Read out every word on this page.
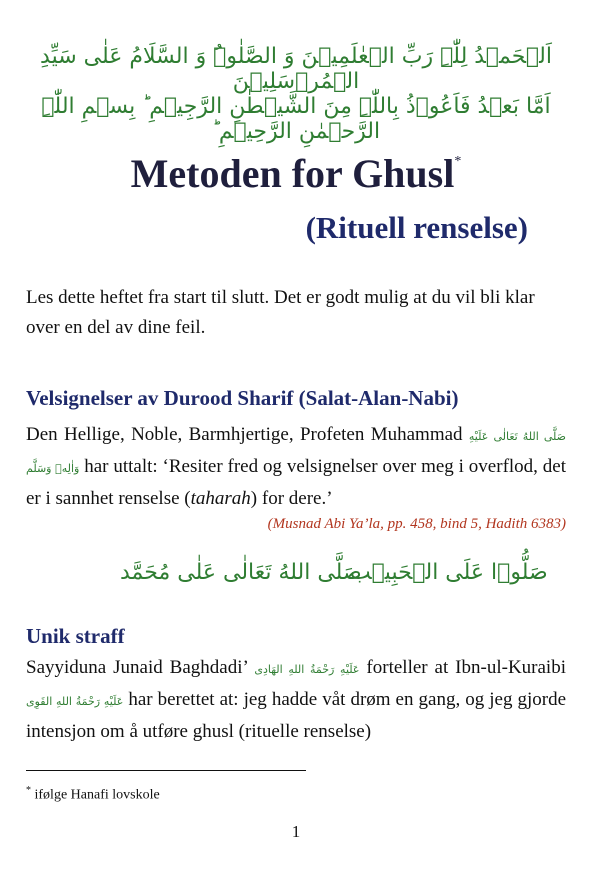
اَلۡحَمۡدُ لِلّٰہِ رَبِّ الۡعٰلَمِیۡنَ وَ الصَّلٰوۃُ وَ السَّلَامُ عَلٰی سَیِّدِ الۡمُرۡسَلِیۡنَ
اَمَّا بَعۡدُ فَاَعُوۡذُ بِاللّٰہِ مِنَ الشَّیۡطٰنِ الرَّجِیۡمِ ؕ بِسۡمِ اللّٰہِ الرَّحۡمٰنِ الرَّحِیۡمِ ؕ
Metoden for Ghusl*
(Rituell renselse)
Les dette heftet fra start til slutt. Det er godt mulig at du vil bli klar over en del av dine feil.
Velsignelser av Durood Sharif (Salat-Alan-Nabi)
Den Hellige, Noble, Barmhjertige, Profeten Muhammad صَلَّى اللهُ تَعَالٰى عَلَيْهِ وَاٰلِهٖ وَسَلَّم har uttalt: ‘Resiter fred og velsignelser over meg i overflod, det er i sannhet renselse (taharah) for dere.’
(Musnad Abi Ya’la, pp. 458, bind 5, Hadith 6383)
صَلَّى اللهُ تَعَالٰى عَلٰى مُحَمَّد
صَلُّوۡا عَلَى الۡحَبِیۡب
Unik straff
Sayyiduna Junaid Baghdadi’ عَلَيْهِ رَحْمَةُ اللهِ الهَادِى forteller at Ibn-ul-Kuraibi عَلَيْهِ رَحْمَةُ اللهِ القَوِى har berettet at: jeg hadde våt drøm en gang, og jeg gjorde intensjon om å utføre ghusl (rituelle renselse)
* ifølge Hanafi lovskole
1
